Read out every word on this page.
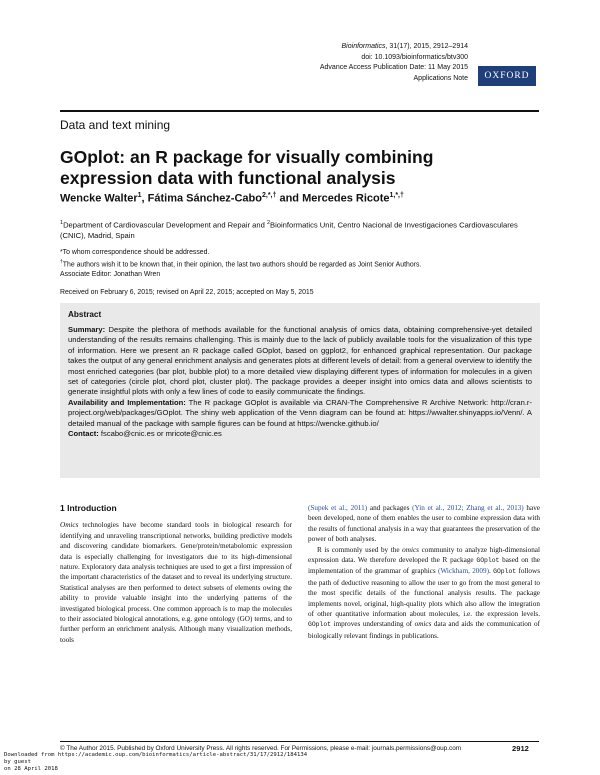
Bioinformatics, 31(17), 2015, 2912–2914
doi: 10.1093/bioinformatics/btv300
Advance Access Publication Date: 11 May 2015
Applications Note	OXFORD
Data and text mining
GOplot: an R package for visually combining
expression data with functional analysis
Wencke Walter$^1$, Fátima Sánchez-Cabo$^{2,*,\dagger}$ and Mercedes Ricote$^{1,*,\dagger}$
$^1$Department of Cardiovascular Development and Repair and $^2$Bioinformatics Unit, Centro Nacional de Investigaciones Cardiovasculares (CNIC), Madrid, Spain
*To whom correspondence should be addressed.
†The authors wish it to be known that, in their opinion, the last two authors should be regarded as Joint Senior Authors.
Associate Editor: Jonathan Wren
Received on February 6, 2015; revised on April 22, 2015; accepted on May 5, 2015
Abstract
Summary: Despite the plethora of methods available for the functional analysis of omics data, obtaining comprehensive-yet detailed understanding of the results remains challenging. This is mainly due to the lack of publicly available tools for the visualization of this type of information. Here we present an R package called GOplot, based on ggplot2, for enhanced graphical representation. Our package takes the output of any general enrichment analysis and generates plots at different levels of detail: from a general overview to identify the most enriched categories (bar plot, bubble plot) to a more detailed view displaying different types of information for molecules in a given set of categories (circle plot, chord plot, cluster plot). The package provides a deeper insight into omics data and allows scientists to generate insightful plots with only a few lines of code to easily communicate the findings.
Availability and Implementation: The R package GOplot is available via CRAN-The Comprehensive R Archive Network: http://cran.r-project.org/web/packages/GOplot. The shiny web application of the Venn diagram can be found at: https://wwalter.shinyapps.io/Venn/. A detailed manual of the package with sample figures can be found at https://wencke.github.io/
Contact: fscabo@cnic.es or mricote@cnic.es
1 Introduction

Omics technologies have become standard tools in biological research for identifying and unraveling transcriptional networks, building predictive models and discovering candidate biomarkers. Gene/protein/metabolomic expression data is especially challenging for investigators due to its high-dimensional nature. Exploratory data analysis techniques are used to get a first impression of the important characteristics of the dataset and to reveal its underlying structure. Statistical analyses are then performed to detect subsets of elements owing the ability to provide valuable insight into the underlying patterns of the investigated biological process. One common approach is to map the molecules to their associated biological annotations, e.g. gene ontology (GO) terms, and to further perform an enrichment analysis. Although many visualization methods, tools

(Supek et al., 2011) and packages (Yin et al., 2012; Zhang et al., 2013) have been developed, none of them enables the user to combine expression data with the results of functional analysis in a way that guarantees the preservation of the power of both analyses.

R is commonly used by the omics community to analyze high-dimensional expression data. We therefore developed the R package GOplot based on the implementation of the grammar of graphics (Wickham, 2009). GOplot follows the path of deductive reasoning to allow the user to go from the most general to the most specific details of the functional analysis results. The package implements novel, original, high-quality plots which also allow the integration of other quantitative information about molecules, i.e. the expression levels. GOplot improves understanding of omics data and aids the communication of biologically relevant findings in publications.

© The Author 2015. Published by Oxford University Press. All rights reserved. For Permissions, please e-mail: journals.permissions@oup.com	2912
Downloaded from https://academic.oup.com/bioinformatics/article-abstract/31/17/2912/184134
by guest
on 28 April 2018
